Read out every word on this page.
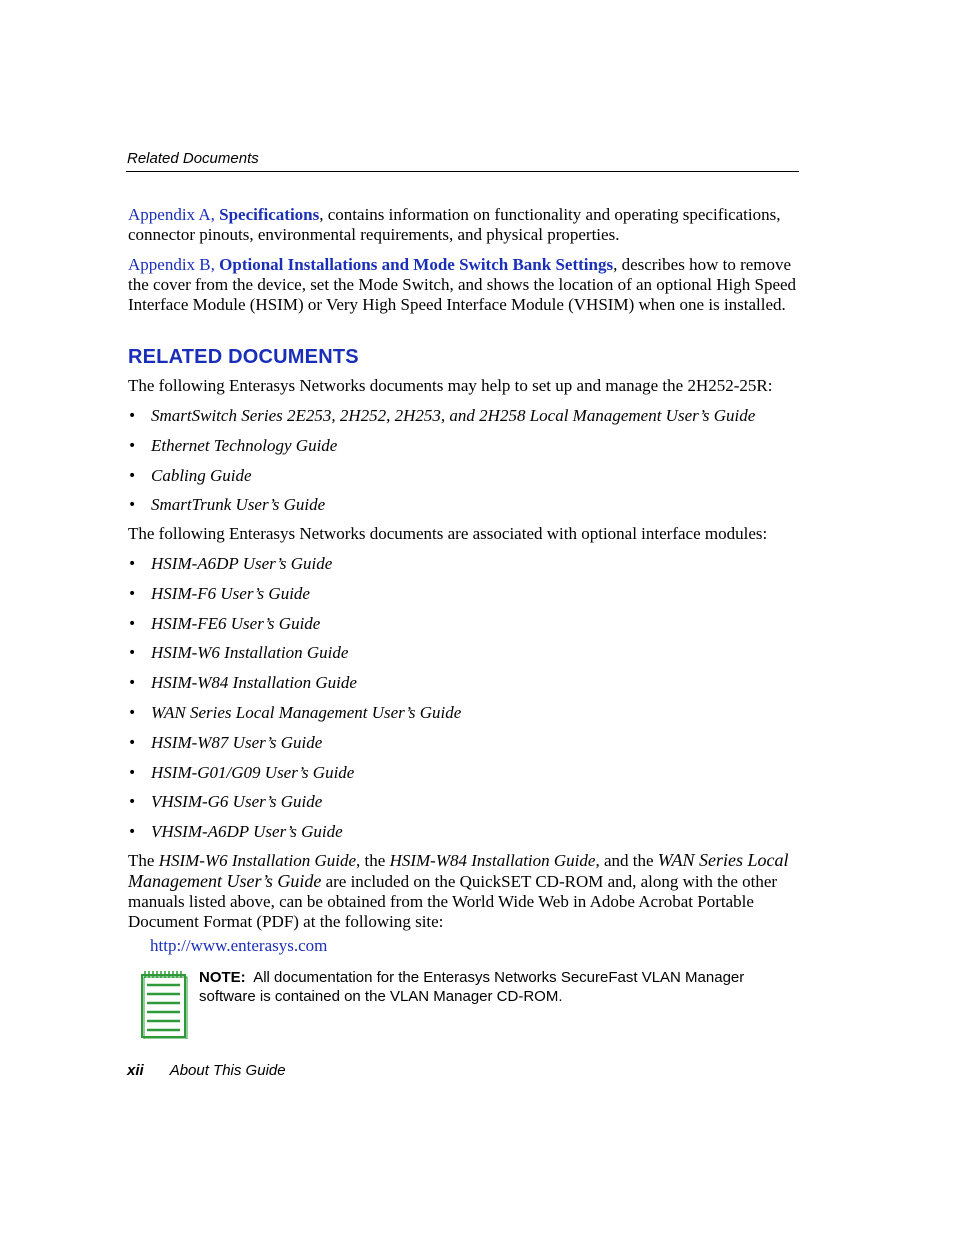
Related Documents

Appendix A, Specifications, contains information on functionality and operating specifications, connector pinouts, environmental requirements, and physical properties.

Appendix B, Optional Installations and Mode Switch Bank Settings, describes how to remove the cover from the device, set the Mode Switch, and shows the location of an optional High Speed Interface Module (HSIM) or Very High Speed Interface Module (VHSIM) when one is installed.

RELATED DOCUMENTS

The following Enterasys Networks documents may help to set up and manage the 2H252-25R:

• SmartSwitch Series 2E253, 2H252, 2H253, and 2H258 Local Management User’s Guide
• Ethernet Technology Guide
• Cabling Guide
• SmartTrunk User’s Guide

The following Enterasys Networks documents are associated with optional interface modules:

• HSIM-A6DP User’s Guide
• HSIM-F6 User’s Guide
• HSIM-FE6 User’s Guide
• HSIM-W6 Installation Guide
• HSIM-W84 Installation Guide
• WAN Series Local Management User’s Guide
• HSIM-W87 User’s Guide
• HSIM-G01/G09 User’s Guide
• VHSIM-G6 User’s Guide
• VHSIM-A6DP User’s Guide

The HSIM-W6 Installation Guide, the HSIM-W84 Installation Guide, and the WAN Series Local Management User’s Guide are included on the QuickSET CD-ROM and, along with the other manuals listed above, can be obtained from the World Wide Web in Adobe Acrobat Portable Document Format (PDF) at the following site:

http://www.enterasys.com
NOTE: All documentation for the Enterasys Networks SecureFast VLAN Manager software is contained on the VLAN Manager CD-ROM.
xii About This Guide
